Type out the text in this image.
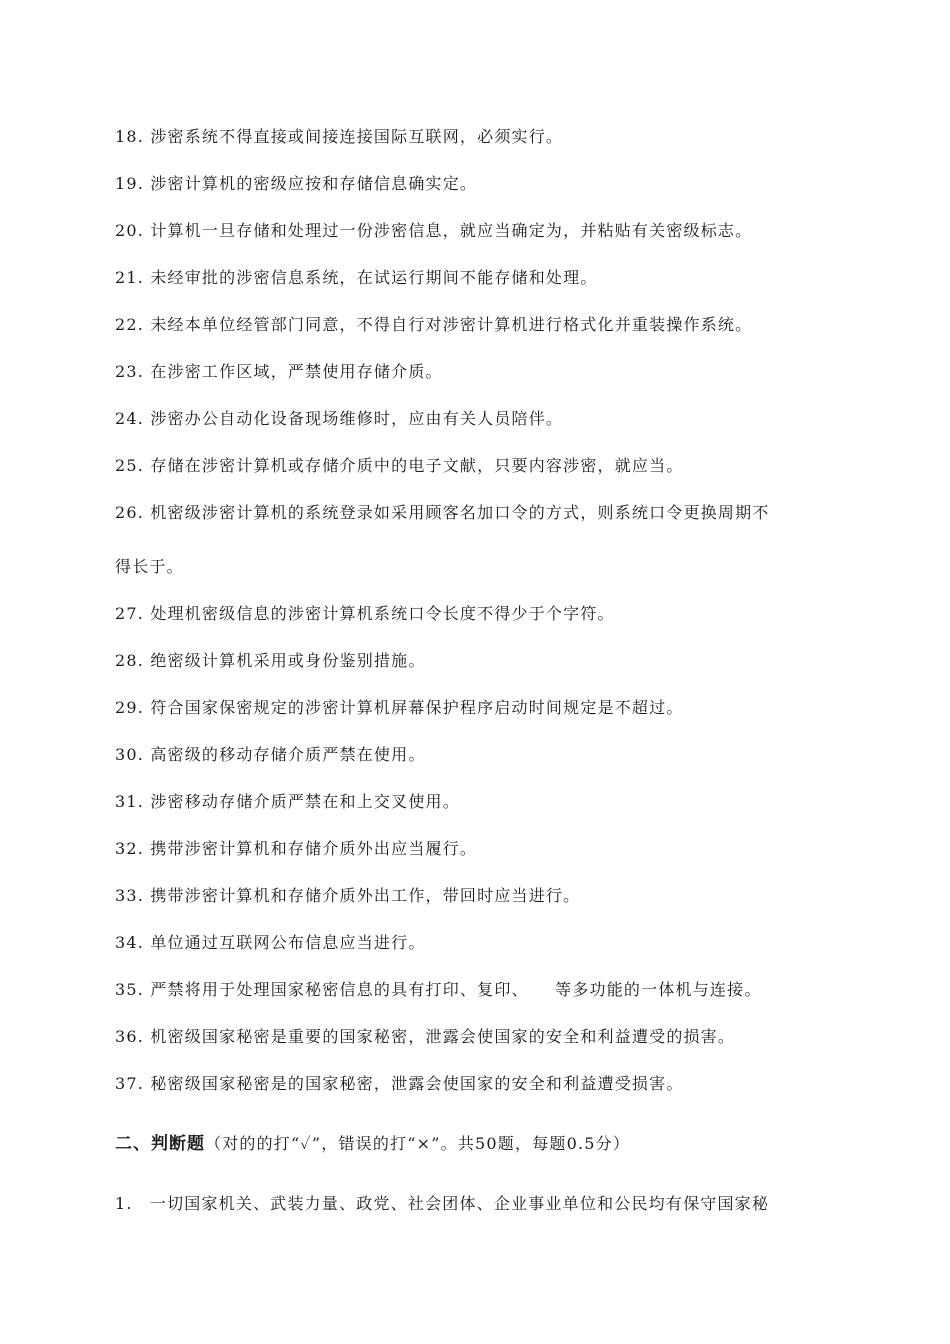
18. 涉密系统不得直接或间接连接国际互联网，必须实行。
19. 涉密计算机的密级应按和存储信息确实定。
20. 计算机一旦存储和处理过一份涉密信息，就应当确定为，并粘贴有关密级标志。
21. 未经审批的涉密信息系统，在试运行期间不能存储和处理。
22. 未经本单位经管部门同意，不得自行对涉密计算机进行格式化并重装操作系统。
23. 在涉密工作区域，严禁使用存储介质。
24. 涉密办公自动化设备现场维修时，应由有关人员陪伴。
25. 存储在涉密计算机或存储介质中的电子文献，只要内容涉密，就应当。
26. 机密级涉密计算机的系统登录如采用顾客名加口令的方式，则系统口令更换周期不
得长于。
27. 处理机密级信息的涉密计算机系统口令长度不得少于个字符。
28. 绝密级计算机采用或身份鉴别措施。
29. 符合国家保密规定的涉密计算机屏幕保护程序启动时间规定是不超过。
30. 高密级的移动存储介质严禁在使用。
31. 涉密移动存储介质严禁在和上交叉使用。
32. 携带涉密计算机和存储介质外出应当履行。
33. 携带涉密计算机和存储介质外出工作，带回时应当进行。
34. 单位通过互联网公布信息应当进行。
35. 严禁将用于处理国家秘密信息的具有打印、复印、　　等多功能的一体机与连接。
36. 机密级国家秘密是重要的国家秘密，泄露会使国家的安全和利益遭受的损害。
37. 秘密级国家秘密是的国家秘密，泄露会使国家的安全和利益遭受损害。
二、判断题（对的的打“✓”，错误的打“×”。共50题，每题0.5分）
1.　一切国家机关、武装力量、政党、社会团体、企业事业单位和公民均有保守国家秘
